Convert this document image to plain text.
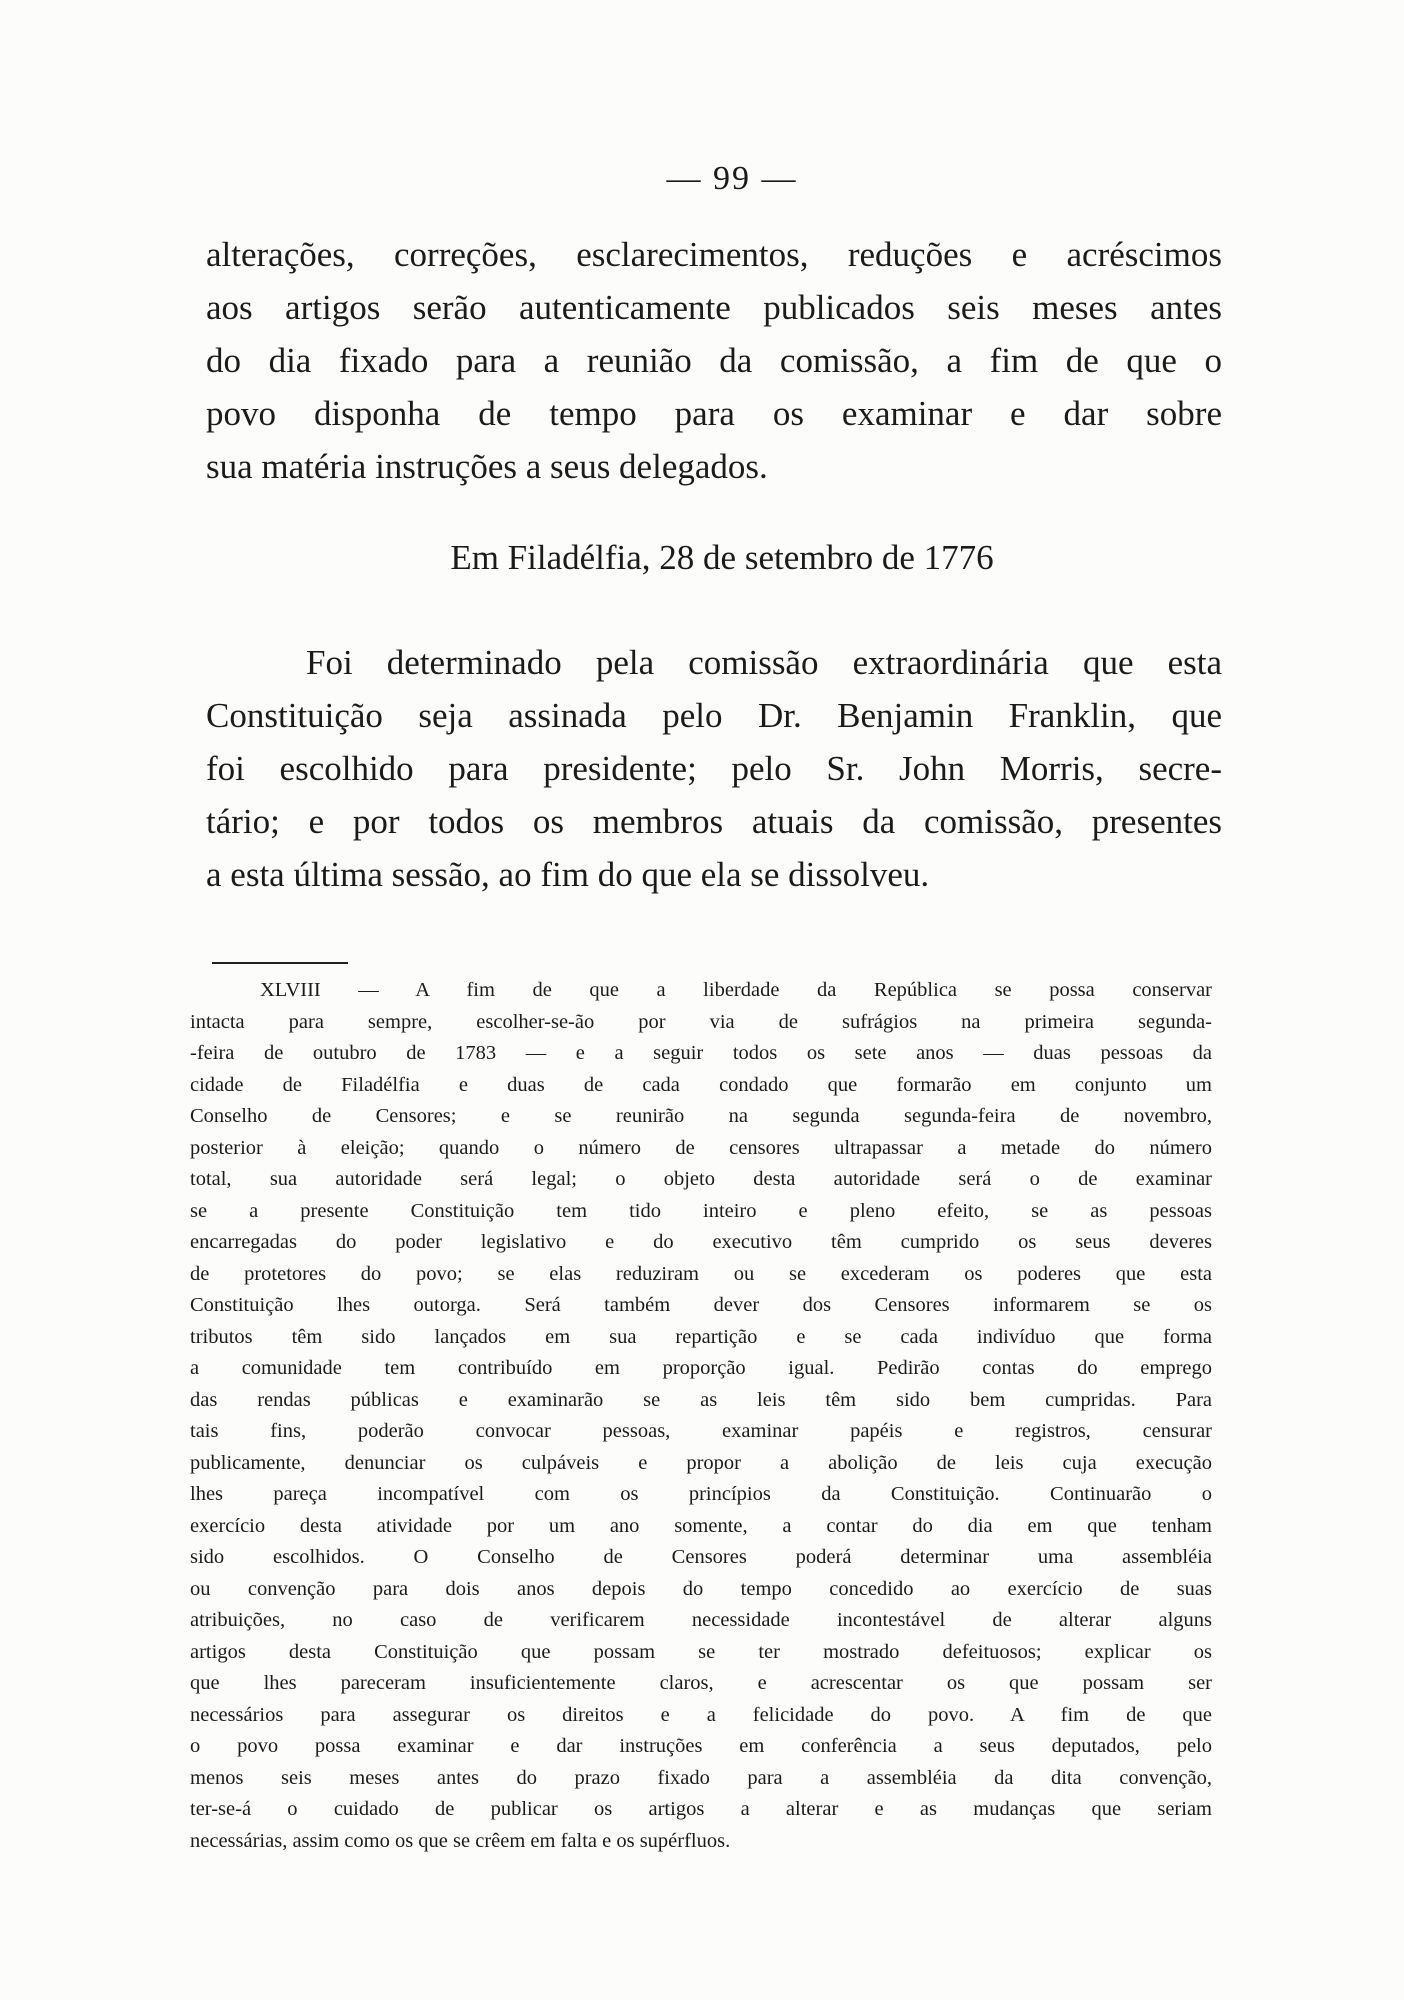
— 99 —
alterações, correções, esclarecimentos, reduções e acréscimos
aos artigos serão autenticamente publicados seis meses antes
do dia fixado para a reunião da comissão, a fim de que o
povo disponha de tempo para os examinar e dar sobre
sua matéria instruções a seus delegados.
Em Filadélfia, 28 de setembro de 1776
Foi determinado pela comissão extraordinária que esta
Constituição seja assinada pelo Dr. Benjamin Franklin, que
foi escolhido para presidente; pelo Sr. John Morris, secre-
tário; e por todos os membros atuais da comissão, presentes
a esta última sessão, ao fim do que ela se dissolveu.
XLVIII — A fim de que a liberdade da República se possa conservar
intacta para sempre, escolher-se-ão por via de sufrágios na primeira segunda-
-feira de outubro de 1783 — e a seguir todos os sete anos — duas pessoas da
cidade de Filadélfia e duas de cada condado que formarão em conjunto um
Conselho de Censores; e se reunirão na segunda segunda-feira de novembro,
posterior à eleição; quando o número de censores ultrapassar a metade do número
total, sua autoridade será legal; o objeto desta autoridade será o de examinar
se a presente Constituição tem tido inteiro e pleno efeito, se as pessoas
encarregadas do poder legislativo e do executivo têm cumprido os seus deveres
de protetores do povo; se elas reduziram ou se excederam os poderes que esta
Constituição lhes outorga. Será também dever dos Censores informarem se os
tributos têm sido lançados em sua repartição e se cada indivíduo que forma
a comunidade tem contribuído em proporção igual. Pedirão contas do emprego
das rendas públicas e examinarão se as leis têm sido bem cumpridas. Para
tais fins, poderão convocar pessoas, examinar papéis e registros, censurar
publicamente, denunciar os culpáveis e propor a abolição de leis cuja execução
lhes pareça incompatível com os princípios da Constituição. Continuarão o
exercício desta atividade por um ano somente, a contar do dia em que tenham
sido escolhidos. O Conselho de Censores poderá determinar uma assembléia
ou convenção para dois anos depois do tempo concedido ao exercício de suas
atribuições, no caso de verificarem necessidade incontestável de alterar alguns
artigos desta Constituição que possam se ter mostrado defeituosos; explicar os
que lhes pareceram insuficientemente claros, e acrescentar os que possam ser
necessários para assegurar os direitos e a felicidade do povo. A fim de que
o povo possa examinar e dar instruções em conferência a seus deputados, pelo
menos seis meses antes do prazo fixado para a assembléia da dita convenção,
ter-se-á o cuidado de publicar os artigos a alterar e as mudanças que seriam
necessárias, assim como os que se crêem em falta e os supérfluos.
